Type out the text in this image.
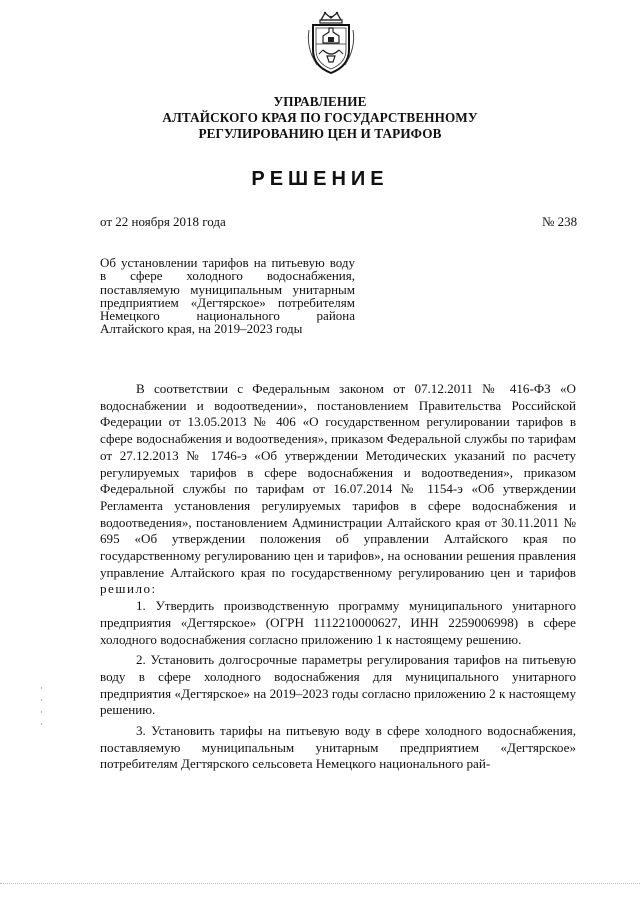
УПРАВЛЕНИЕ
АЛТАЙСКОГО КРАЯ ПО ГОСУДАРСТВЕННОМУ
РЕГУЛИРОВАНИЮ ЦЕН И ТАРИФОВ
РЕШЕНИЕ
от 22 ноября 2018 года	№ 238
Об установлении тарифов на питьевую воду в сфере холодного водоснабжения, поставляемую муниципальным унитарным предприятием «Дегтярское» потребителям Немецкого национального района Алтайского края, на 2019–2023 годы

В соответствии с Федеральным законом от 07.12.2011 № 416-ФЗ «О водоснабжении и водоотведении», постановлением Правительства Российской Федерации от 13.05.2013 № 406 «О государственном регулировании тарифов в сфере водоснабжения и водоотведения», приказом Федеральной службы по тарифам от 27.12.2013 № 1746-э «Об утверждении Методических указаний по расчету регулируемых тарифов в сфере водоснабжения и водоотведения», приказом Федеральной службы по тарифам от 16.07.2014 № 1154-э «Об утверждении Регламента установления регулируемых тарифов в сфере водоснабжения и водоотведения», постановлением Администрации Алтайского края от 30.11.2011 № 695 «Об утверждении положения об управлении Алтайского края по государственному регулированию цен и тарифов», на основании решения правления управление Алтайского края по государственному регулированию цен и тарифов решило:

1. Утвердить производственную программу муниципального унитарного предприятия «Дегтярское» (ОГРН 1112210000627, ИНН 2259006998) в сфере холодного водоснабжения согласно приложению 1 к настоящему решению.

2. Установить долгосрочные параметры регулирования тарифов на питьевую воду в сфере холодного водоснабжения для муниципального унитарного предприятия «Дегтярское» на 2019–2023 годы согласно приложению 2 к настоящему решению.

3. Установить тарифы на питьевую воду в сфере холодного водоснабжения, поставляемую муниципальным унитарным предприятием «Дегтярское» потребителям Дегтярского сельсовета Немецкого национального рай-
